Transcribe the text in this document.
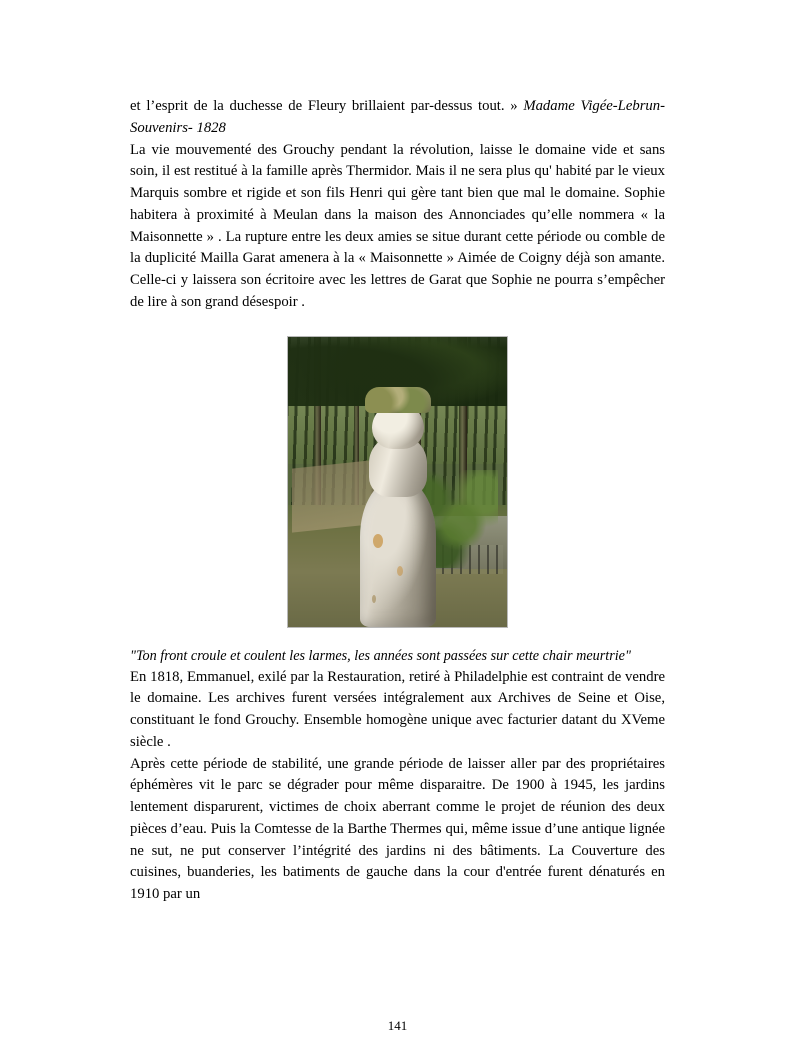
et l’esprit de la duchesse de Fleury brillaient par-dessus tout. » Madame Vigée-Lebrun-Souvenirs- 1828

La vie mouvementé des Grouchy pendant la révolution, laisse le domaine vide et sans soin, il est restitué à la famille après Thermidor. Mais il ne sera plus qu' habité par le vieux Marquis sombre et rigide et son fils Henri qui gère tant bien que mal le domaine. Sophie habitera à proximité à Meulan dans la maison des Annonciades qu’elle nommera « la Maisonnette » . La rupture entre les deux amies se situe durant cette période ou comble de la duplicité Mailla Garat amenera à la « Maisonnette » Aimée de Coigny déjà son amante. Celle-ci y laissera son écritoire avec les lettres de Garat que Sophie ne pourra s’empêcher de lire à son grand désespoir .

"Ton front croule et coulent les larmes, les années sont passées sur cette chair meurtrie"

En 1818, Emmanuel, exilé par la Restauration, retiré à Philadelphie est contraint de vendre le domaine. Les archives furent versées intégralement aux Archives de Seine et Oise, constituant le fond Grouchy. Ensemble homogène unique avec facturier datant du XVeme siècle .

Après cette période de stabilité, une grande période de laisser aller par des propriétaires éphémères vit le parc se dégrader pour même disparaitre. De 1900 à 1945, les jardins lentement disparurent, victimes de choix aberrant comme le projet de réunion des deux pièces d’eau. Puis la Comtesse de la Barthe Thermes qui, même issue d’une antique lignée ne sut, ne put conserver l’intégrité des jardins ni des bâtiments. La Couverture des cuisines, buanderies, les batiments de gauche dans la cour d'entrée furent dénaturés en 1910 par un

141
